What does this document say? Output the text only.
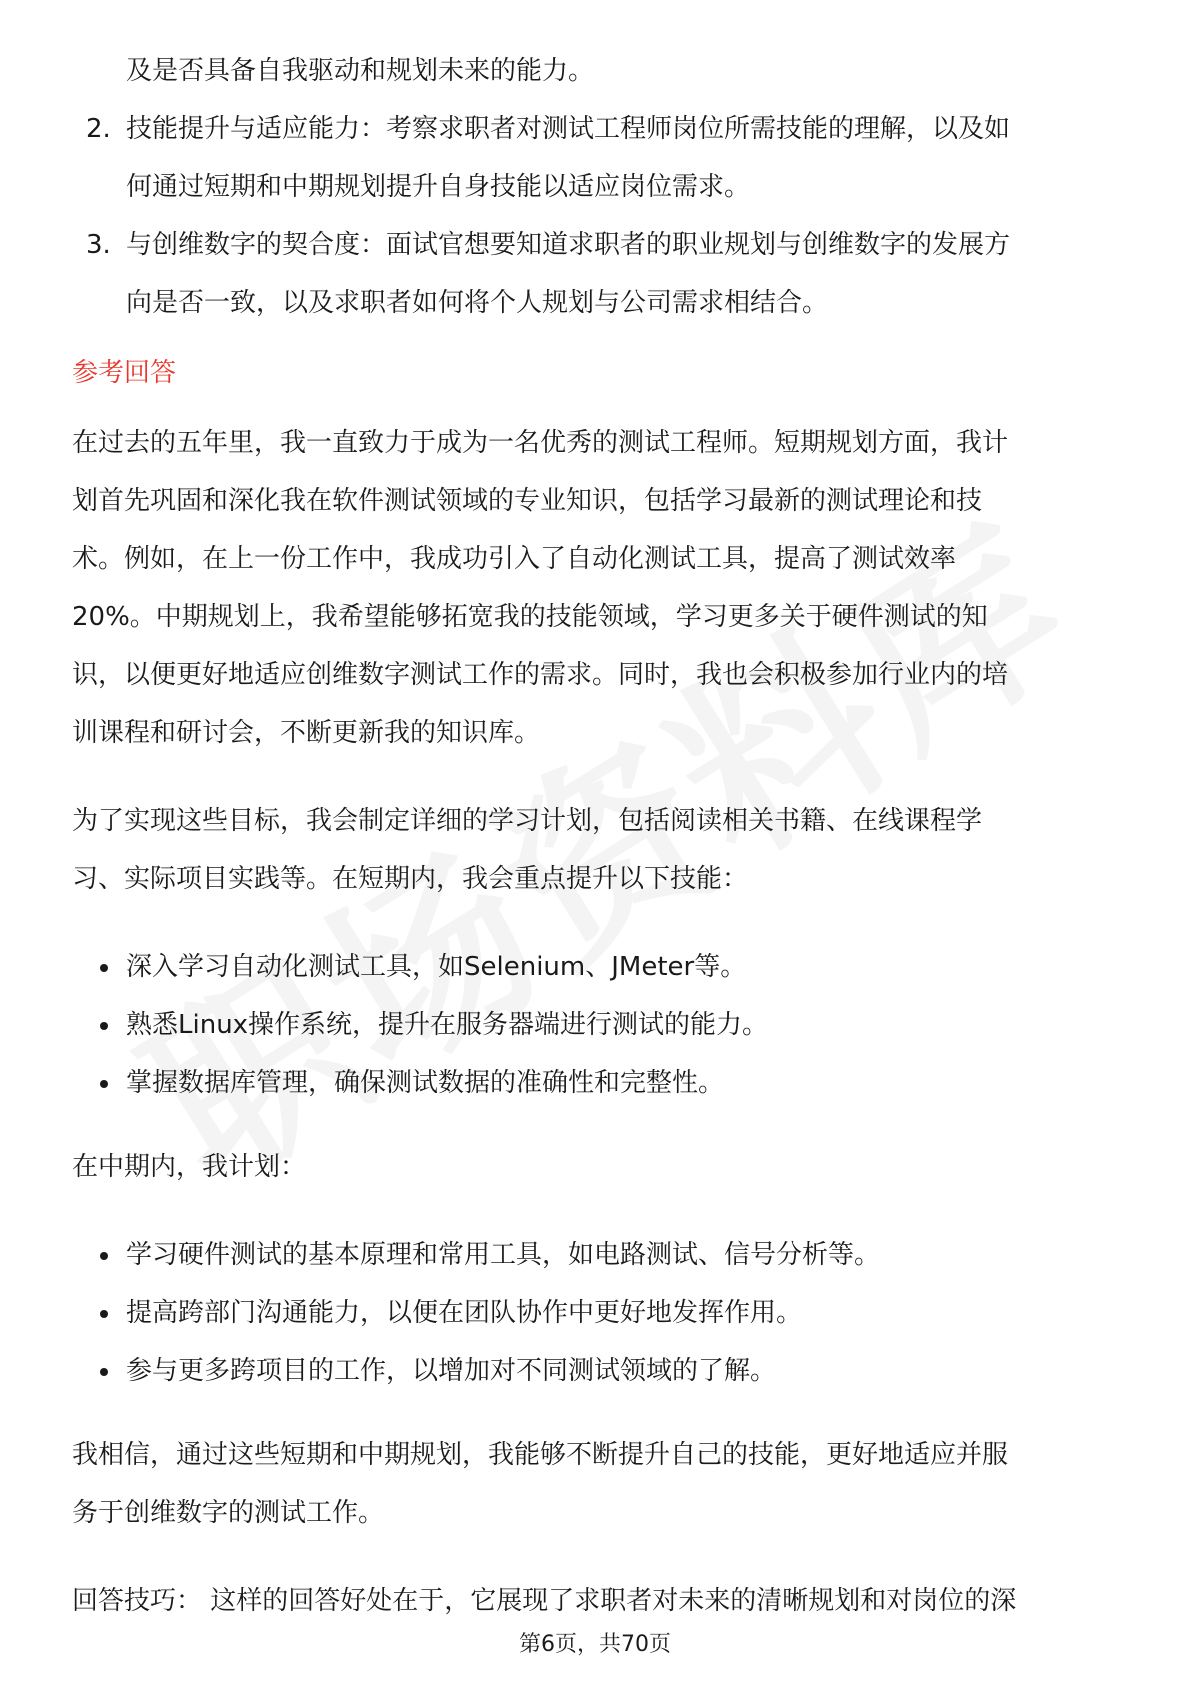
及是否具备自我驱动和规划未来的能力。
2. 技能提升与适应能力：考察求职者对测试工程师岗位所需技能的理解，以及如
何通过短期和中期规划提升自身技能以适应岗位需求。
3. 与创维数字的契合度：面试官想要知道求职者的职业规划与创维数字的发展方
向是否一致，以及求职者如何将个人规划与公司需求相结合。
参考回答
在过去的五年里，我一直致力于成为一名优秀的测试工程师。短期规划方面，我计
划首先巩固和深化我在软件测试领域的专业知识，包括学习最新的测试理论和技
术。例如，在上一份工作中，我成功引入了自动化测试工具，提高了测试效率
20%。中期规划上，我希望能够拓宽我的技能领域，学习更多关于硬件测试的知
识，以便更好地适应创维数字测试工作的需求。同时，我也会积极参加行业内的培
训课程和研讨会，不断更新我的知识库。
为了实现这些目标，我会制定详细的学习计划，包括阅读相关书籍、在线课程学
习、实际项目实践等。在短期内，我会重点提升以下技能：
深入学习自动化测试工具，如Selenium、JMeter等。
熟悉Linux操作系统，提升在服务器端进行测试的能力。
掌握数据库管理，确保测试数据的准确性和完整性。
在中期内，我计划：
学习硬件测试的基本原理和常用工具，如电路测试、信号分析等。
提高跨部门沟通能力，以便在团队协作中更好地发挥作用。
参与更多跨项目的工作，以增加对不同测试领域的了解。
我相信，通过这些短期和中期规划，我能够不断提升自己的技能，更好地适应并服
务于创维数字的测试工作。
回答技巧： 这样的回答好处在于，它展现了求职者对未来的清晰规划和对岗位的深
第6页，共70页
